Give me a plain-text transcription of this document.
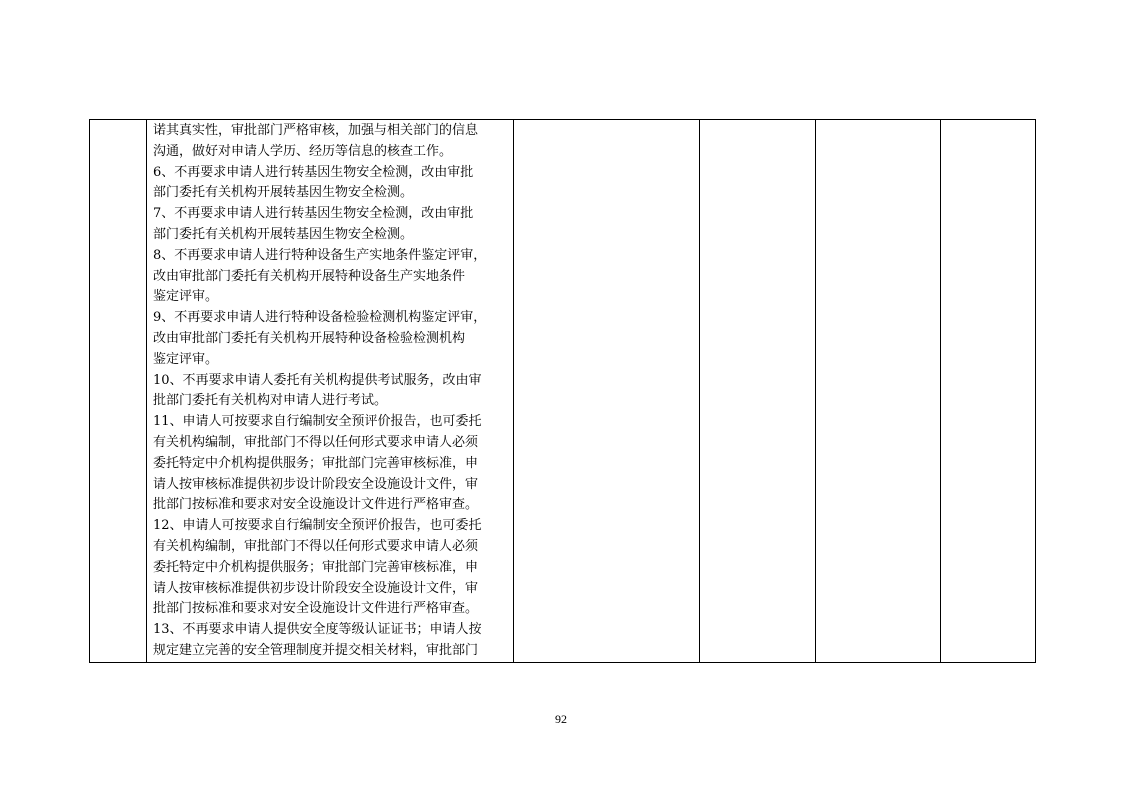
诺其真实性，审批部门严格审核，加强与相关部门的信息
沟通，做好对申请人学历、经历等信息的核查工作。
6、不再要求申请人进行转基因生物安全检测，改由审批
部门委托有关机构开展转基因生物安全检测。
7、不再要求申请人进行转基因生物安全检测，改由审批
部门委托有关机构开展转基因生物安全检测。
8、不再要求申请人进行特种设备生产实地条件鉴定评审，
改由审批部门委托有关机构开展特种设备生产实地条件
鉴定评审。
9、不再要求申请人进行特种设备检验检测机构鉴定评审，
改由审批部门委托有关机构开展特种设备检验检测机构
鉴定评审。
10、不再要求申请人委托有关机构提供考试服务，改由审
批部门委托有关机构对申请人进行考试。
11、申请人可按要求自行编制安全预评价报告，也可委托
有关机构编制，审批部门不得以任何形式要求申请人必须
委托特定中介机构提供服务；审批部门完善审核标准，申
请人按审核标准提供初步设计阶段安全设施设计文件，审
批部门按标准和要求对安全设施设计文件进行严格审查。
12、申请人可按要求自行编制安全预评价报告，也可委托
有关机构编制，审批部门不得以任何形式要求申请人必须
委托特定中介机构提供服务；审批部门完善审核标准，申
请人按审核标准提供初步设计阶段安全设施设计文件，审
批部门按标准和要求对安全设施设计文件进行严格审查。
13、不再要求申请人提供安全度等级认证证书；申请人按
规定建立完善的安全管理制度并提交相关材料，审批部门

92
